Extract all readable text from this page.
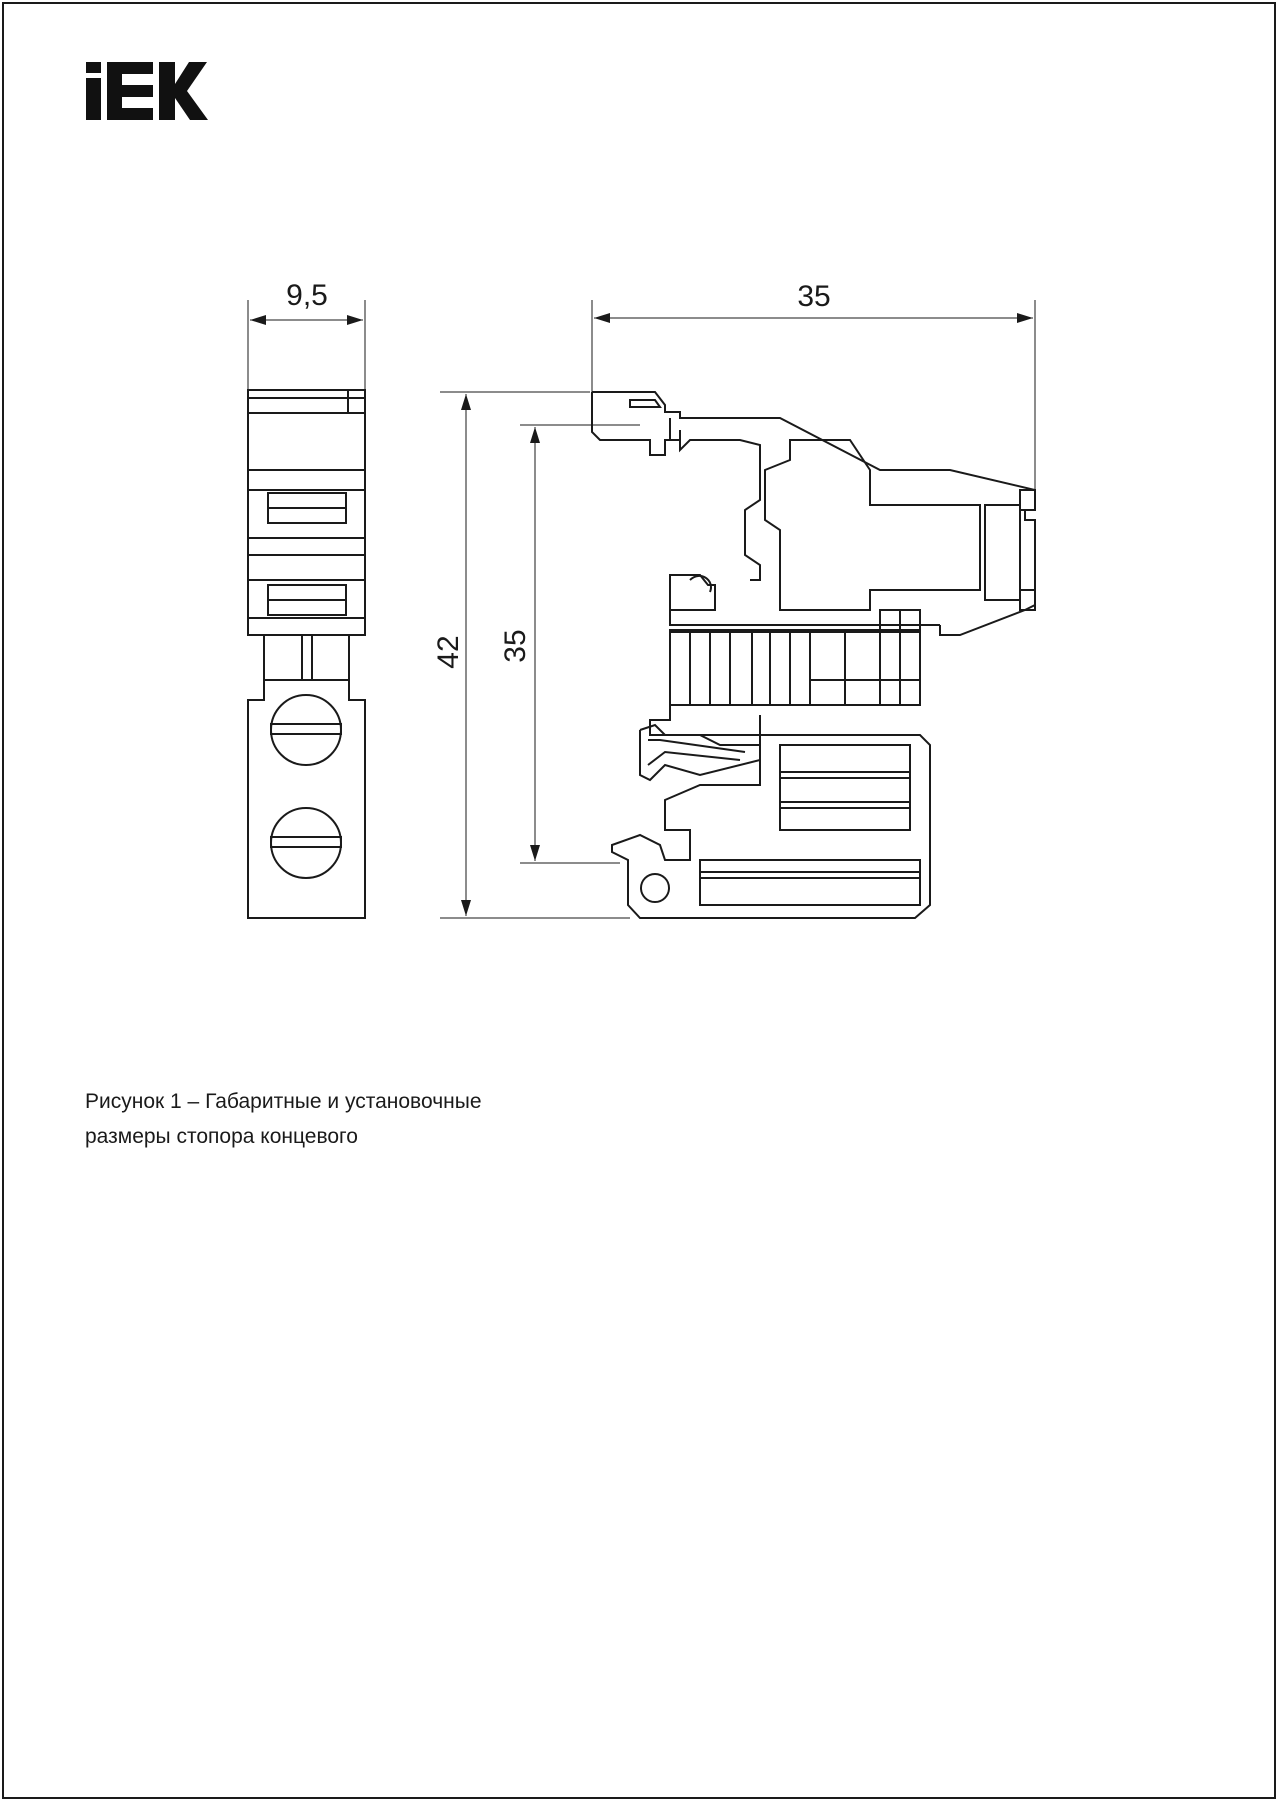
9,5	35
42 35
Рисунок 1 – Габаритные и установочные
размеры стопора концевого
